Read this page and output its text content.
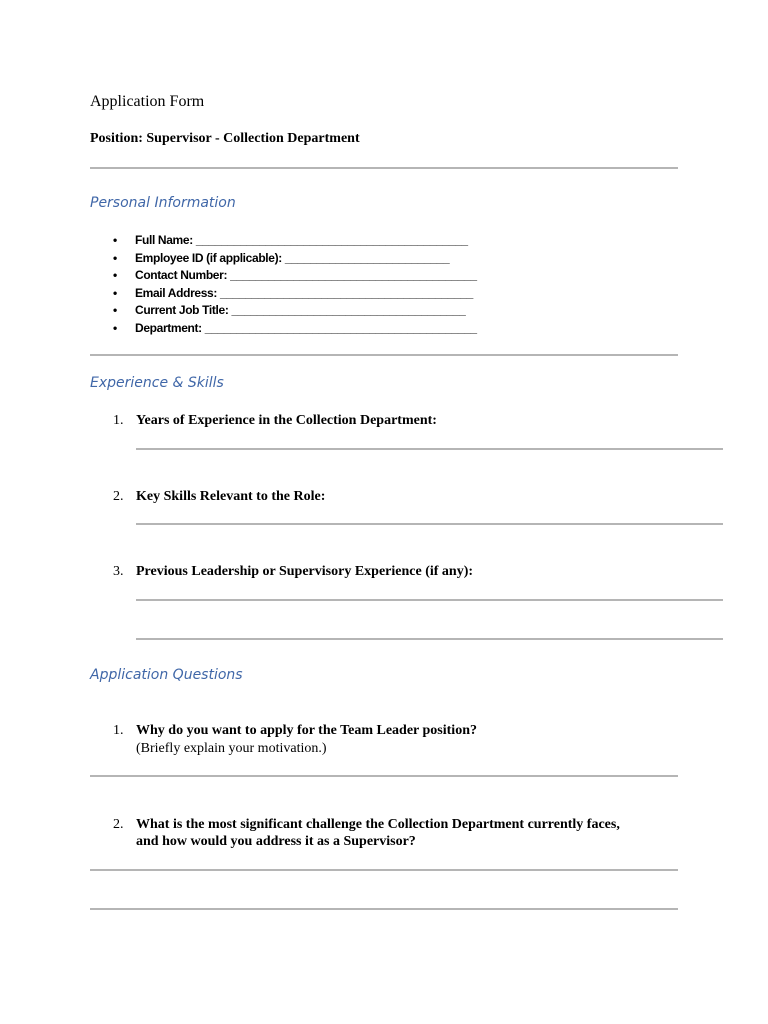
Application Form
Position: Supervisor - Collection Department
Personal Information
• Full Name: ___________________________________________
• Employee ID (if applicable): __________________________
• Contact Number: _______________________________________
• Email Address: ________________________________________
• Current Job Title: _____________________________________
• Department: ___________________________________________
Experience & Skills
1. Years of Experience in the Collection Department:
2. Key Skills Relevant to the Role:
3. Previous Leadership or Supervisory Experience (if any):
Application Questions
1. Why do you want to apply for the Team Leader position?
(Briefly explain your motivation.)
2. What is the most significant challenge the Collection Department currently faces,
and how would you address it as a Supervisor?
